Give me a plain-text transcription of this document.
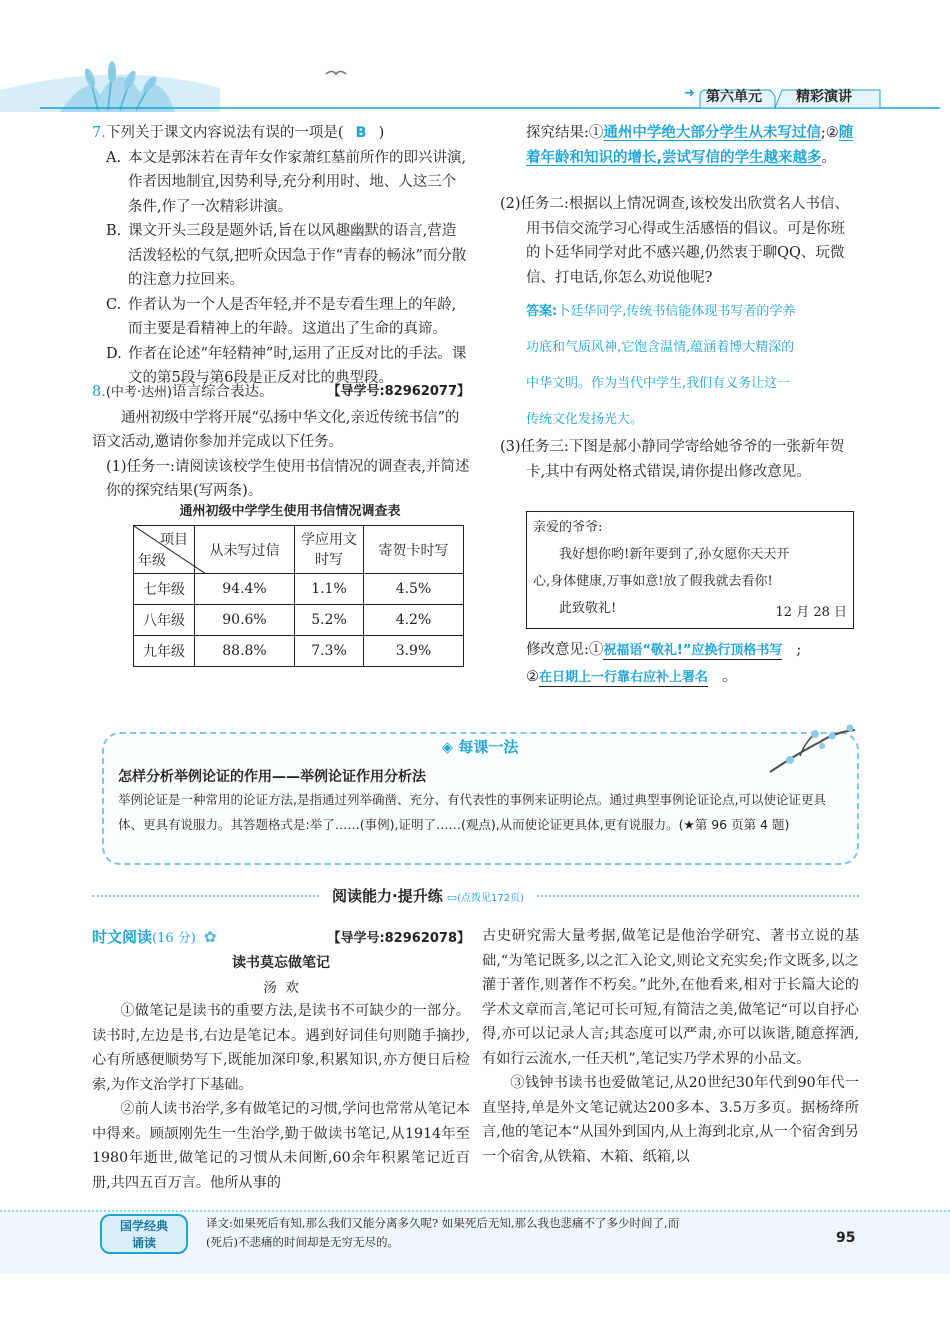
➜ 第六单元 精彩演讲
7.下列关于课文内容说法有误的一项是( B )
A. 本文是郭沫若在青年女作家萧红墓前所作的即兴讲演,作者因地制宜,因势利导,充分利用时、地、人这三个条件,作了一次精彩讲演。
B. 课文开头三段是题外话,旨在以风趣幽默的语言,营造活泼轻松的气氛,把听众因急于作“青春的畅泳”而分散的注意力拉回来。
C. 作者认为一个人是否年轻,并不是专看生理上的年龄,而主要是看精神上的年龄。这道出了生命的真谛。
D. 作者在论述“年轻精神”时,运用了正反对比的手法。课文的第5段与第6段是正反对比的典型段。
8.(中考·达州)语言综合表达。	【导学号:82962077】
通州初级中学将开展“弘扬中华文化,亲近传统书信”的语文活动,邀请你参加并完成以下任务。
(1)任务一:请阅读该校学生使用书信情况的调查表,并简述你的探究结果(写两条)。
通州初级中学学生使用书信情况调查表
项目
年级	从未写过信	学应用文时写	寄贺卡时写
七年级	94.4%	1.1%	4.5%
八年级	90.6%	5.2%	4.2%
九年级	88.8%	7.3%	3.9%
探究结果:①通州中学绝大部分学生从未写过信;②随着年龄和知识的增长,尝试写信的学生越来越多。
(2)任务二:根据以上情况调查,该校发出欣赏名人书信、用书信交流学习心得或生活感悟的倡议。可是你班的卜廷华同学对此不感兴趣,仍然衷于聊QQ、玩微信、打电话,你怎么劝说他呢?
答案:卜廷华同学,传统书信能体现书写者的学养
功底和气质风神,它饱含温情,蕴涵着博大精深的
中华文明。作为当代中学生,我们有义务让这一
传统文化发扬光大。
(3)任务三:下图是郝小静同学寄给她爷爷的一张新年贺卡,其中有两处格式错误,请你提出修改意见。
亲爱的爷爷:
我好想你哟!新年要到了,孙女愿你天天开
心,身体健康,万事如意!放了假我就去看你!
此致敬礼!	12 月 28 日
修改意见:①祝福语“敬礼!”应换行顶格书写 ;
②在日期上一行靠右应补上署名 。
◈ 每课一法
怎样分析举例论证的作用——举例论证作用分析法
举例论证是一种常用的论证方法,是指通过列举确凿、充分、有代表性的事例来证明论点。通过典型事例论证论点,可以使论证更具体、更具有说服力。其答题格式是:举了……(事例),证明了……(观点),从而使论证更具体,更有说服力。(★第 96 页第 4 题)
阅读能力·提升练 ▭(点拨见172页)
时文阅读(16 分) ✿	【导学号:82962078】
读书莫忘做笔记
汤  欢
①做笔记是读书的重要方法,是读书不可缺少的一部分。读书时,左边是书,右边是笔记本。遇到好词佳句则随手摘抄,心有所感便顺势写下,既能加深印象,积累知识,亦方便日后检索,为作文治学打下基础。
②前人读书治学,多有做笔记的习惯,学问也常常从笔记本中得来。顾颉刚先生一生治学,勤于做读书笔记,从1914年至1980年逝世,做笔记的习惯从未间断,60余年积累笔记近百册,共四五百万言。他所从事的
古史研究需大量考据,做笔记是他治学研究、著书立说的基础,“为笔记既多,以之汇入论文,则论文充实矣;作文既多,以之灌于著作,则著作不朽矣。”此外,在他看来,相对于长篇大论的学术文章而言,笔记可长可短,有简洁之美,做笔记“可以自抒心得,亦可以记录人言;其态度可以严肃,亦可以诙谐,随意挥洒,有如行云流水,一任天机”,笔记实乃学术界的小品文。
③钱钟书读书也爱做笔记,从20世纪30年代到90年代一直坚持,单是外文笔记就达200多本、3.5万多页。据杨绛所言,他的笔记本“从国外到国内,从上海到北京,从一个宿舍到另一个宿舍,从铁箱、木箱、纸箱,以
国学经典
诵读
译文:如果死后有知,那么我们又能分离多久呢? 如果死后无知,那么我也悲痛不了多少时间了,而
(死后)不悲痛的时间却是无穷无尽的。	95
